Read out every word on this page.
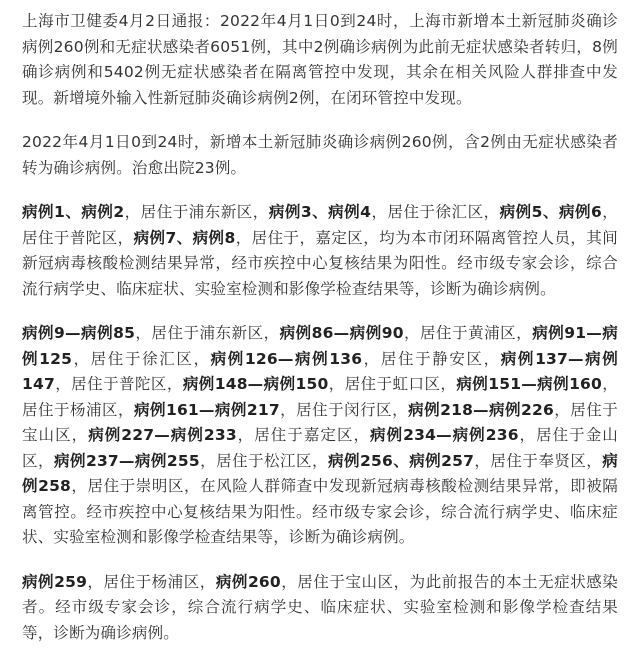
上海市卫健委4月2日通报：2022年4月1日0到24时，上海市新增本土新冠肺炎确诊病例260例和无症状感染者6051例，其中2例确诊病例为此前无症状感染者转归，8例确诊病例和5402例无症状感染者在隔离管控中发现，其余在相关风险人群排查中发现。新增境外输入性新冠肺炎确诊病例2例，在闭环管控中发现。

2022年4月1日0到24时，新增本土新冠肺炎确诊病例260例，含2例由无症状感染者转为确诊病例。治愈出院23例。

病例1、病例2，居住于浦东新区，病例3、病例4，居住于徐汇区，病例5、病例6，居住于普陀区，病例7、病例8，居住于，嘉定区，均为本市闭环隔离管控人员，其间新冠病毒核酸检测结果异常，经市疾控中心复核结果为阳性。经市级专家会诊，综合流行病学史、临床症状、实验室检测和影像学检查结果等，诊断为确诊病例。

病例9—病例85，居住于浦东新区，病例86—病例90，居住于黄浦区，病例91—病例125，居住于徐汇区，病例126—病例136，居住于静安区，病例137—病例147，居住于普陀区，病例148—病例150，居住于虹口区，病例151—病例160，居住于杨浦区，病例161—病例217，居住于闵行区，病例218—病例226，居住于宝山区，病例227—病例233，居住于嘉定区，病例234—病例236，居住于金山区，病例237—病例255，居住于松江区，病例256、病例257，居住于奉贤区，病例258，居住于崇明区，在风险人群筛查中发现新冠病毒核酸检测结果异常，即被隔离管控。经市疾控中心复核结果为阳性。经市级专家会诊，综合流行病学史、临床症状、实验室检测和影像学检查结果等，诊断为确诊病例。

病例259，居住于杨浦区，病例260，居住于宝山区，为此前报告的本土无症状感染者。经市级专家会诊，综合流行病学史、临床症状、实验室检测和影像学检查结果等，诊断为确诊病例。
